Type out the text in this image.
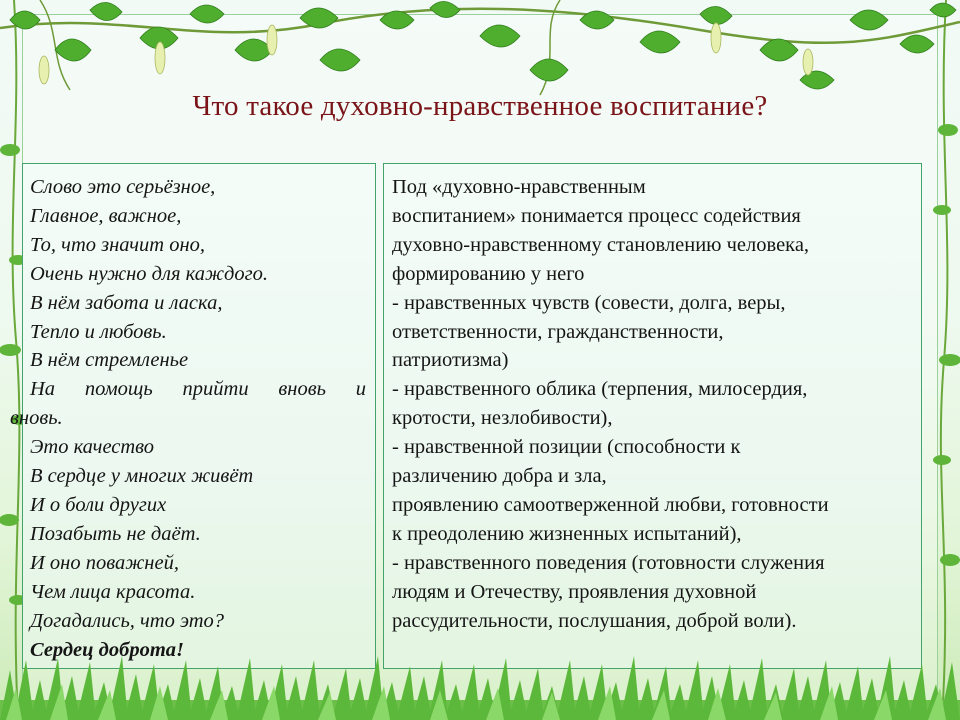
Что такое духовно-нравственное воспитание?
Слово это серьёзное,
Главное, важное,
То, что значит оно,
Очень нужно для каждого.
В нём забота и ласка,
Тепло и любовь.
В нём стремленье
На помощь прийти вновь и
вновь.
Это качество
В сердце у многих живёт
И о боли других
Позабыть не даёт.
И оно поважней,
Чем лица красота.
Догадались, что это?
Сердец доброта!
Под «духовно-нравственным
воспитанием» понимается процесс содействия
духовно-нравственному становлению человека,
формированию у него
- нравственных чувств (совести, долга, веры,
ответственности, гражданственности,
патриотизма)
- нравственного облика (терпения, милосердия,
кротости, незлобивости),
- нравственной позиции (способности к
различению добра и зла,
проявлению самоотверженной любви, готовности
к преодолению жизненных испытаний),
- нравственного поведения (готовности служения
людям и Отечеству, проявления духовной
рассудительности, послушания, доброй воли).
